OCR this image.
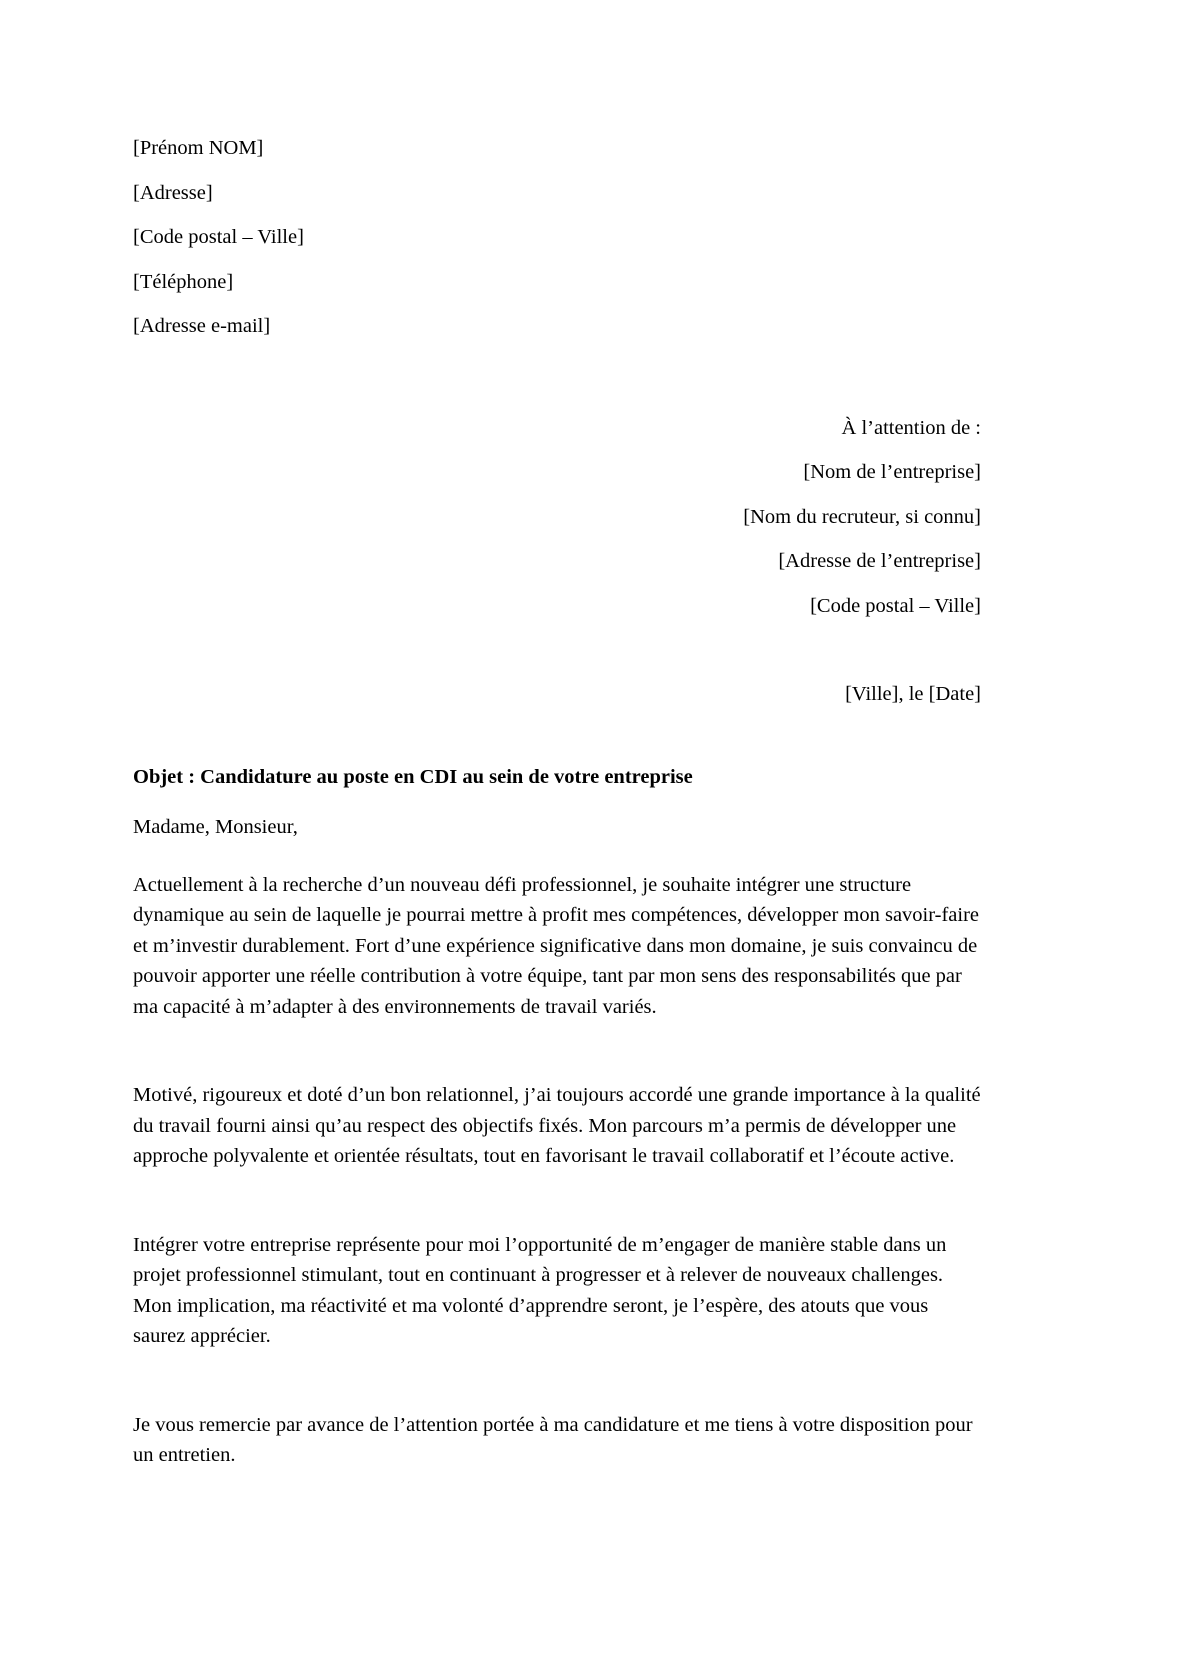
[Prénom NOM]
[Adresse]
[Code postal – Ville]
[Téléphone]
[Adresse e-mail]
À l’attention de :
[Nom de l’entreprise]
[Nom du recruteur, si connu]
[Adresse de l’entreprise]
[Code postal – Ville]
[Ville], le [Date]
Objet : Candidature au poste en CDI au sein de votre entreprise
Madame, Monsieur,

Actuellement à la recherche d’un nouveau défi professionnel, je souhaite intégrer une structure dynamique au sein de laquelle je pourrai mettre à profit mes compétences, développer mon savoir-faire et m’investir durablement. Fort d’une expérience significative dans mon domaine, je suis convaincu de pouvoir apporter une réelle contribution à votre équipe, tant par mon sens des responsabilités que par ma capacité à m’adapter à des environnements de travail variés.

Motivé, rigoureux et doté d’un bon relationnel, j’ai toujours accordé une grande importance à la qualité du travail fourni ainsi qu’au respect des objectifs fixés. Mon parcours m’a permis de développer une approche polyvalente et orientée résultats, tout en favorisant le travail collaboratif et l’écoute active.

Intégrer votre entreprise représente pour moi l’opportunité de m’engager de manière stable dans un projet professionnel stimulant, tout en continuant à progresser et à relever de nouveaux challenges. Mon implication, ma réactivité et ma volonté d’apprendre seront, je l’espère, des atouts que vous saurez apprécier.

Je vous remercie par avance de l’attention portée à ma candidature et me tiens à votre disposition pour un entretien.
